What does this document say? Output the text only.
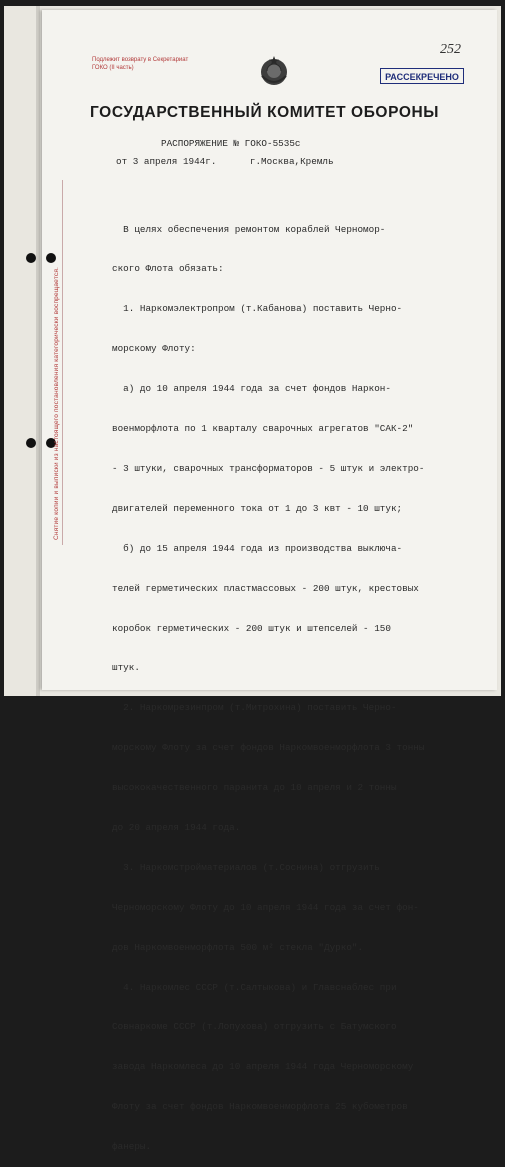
Снятие копии и выписки из настоящего постановления категорически воспрещается.
Подлежит возврату в Секретариат
ГОКО (II часть)
252
РАССЕКРЕЧЕНО
ГОСУДАРСТВЕННЫЙ КОМИТЕТ ОБОРОНЫ
РАСПОРЯЖЕНИЕ № ГОКО-5535с
от 3 апреля 1944г.      г.Москва,Кремль

В целях обеспечения ремонтом кораблей Черномор-

ского Флота обязать:

1. Наркомэлектропром (т.Кабанова) поставить Черно-

морскому Флоту:

а) до 10 апреля 1944 года за счет фондов Наркон-

военморфлота по 1 кварталу сварочных агрегатов "САК-2"

- 3 штуки, сварочных трансформаторов - 5 штук и электро-

двигателей переменного тока от 1 до 3 квт - 10 штук;

б) до 15 апреля 1944 года из производства выключа-

телей герметических пластмассовых - 200 штук, крестовых

коробок герметических - 200 штук и штепселей - 150

штук.

2. Наркомрезинпром (т.Митрохина) поставить Черно-

морскому Флоту за счет фондов Наркомвоенморфлота 3 тонны

высококачественного паранита до 10 апреля и 2 тонны

до 20 апреля 1944 года.

3. Наркомстройматериалов (т.Соснина) отгрузить

Черноморскому Флоту до 10 апреля 1944 года за счет фон-

дов Наркомвоенморфлота 500 м² стекла "Дурко".

4. Наркомлес СССР (т.Салтыкова) и Главснаблес при

Совнаркоме СССР (т.Лопухова) отгрузить с Батумского

завода Наркомлеса до 10 апреля 1944 года Черноморскому

Флоту за счет фондов Наркомвоенморфлота 25 кубометров

фанеры.
